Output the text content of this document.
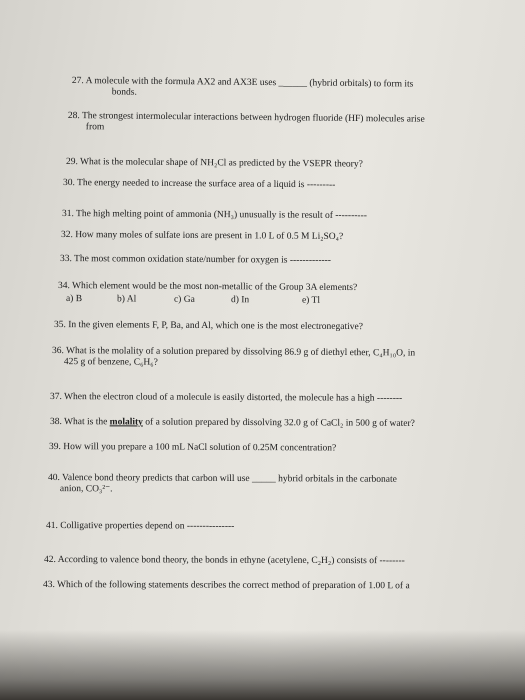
27. A molecule with the formula AX2 and AX3E uses ______ (hybrid orbitals) to form its
bonds.
28. The strongest intermolecular interactions between hydrogen fluoride (HF) molecules arise
from
29. What is the molecular shape of NH₂Cl as predicted by the VSEPR theory?
30. The energy needed to increase the surface area of a liquid is ---------
31. The high melting point of ammonia (NH₃) unusually is the result of ----------
32. How many moles of sulfate ions are present in 1.0 L of 0.5 M Li₂SO₄?
33. The most common oxidation state/number for oxygen is -------------
34. Which element would be the most non-metallic of the Group 3A elements?
a) B	b) Al	c) Ga	d) In	e) Tl
35. In the given elements F, P, Ba, and Al, which one is the most electronegative?
36. What is the molality of a solution prepared by dissolving 86.9 g of diethyl ether, C₄H₁₀O, in
425 g of benzene, C₆H₆?
37. When the electron cloud of a molecule is easily distorted, the molecule has a high --------
38. What is the molality of a solution prepared by dissolving 32.0 g of CaCl₂ in 500 g of water?
39. How will you prepare a 100 mL NaCl solution of 0.25M concentration?
40. Valence bond theory predicts that carbon will use _____ hybrid orbitals in the carbonate
anion, CO₃²⁻.
41. Colligative properties depend on ---------------
42. According to valence bond theory, the bonds in ethyne (acetylene, C₂H₂) consists of --------
43. Which of the following statements describes the correct method of preparation of 1.00 L of a
